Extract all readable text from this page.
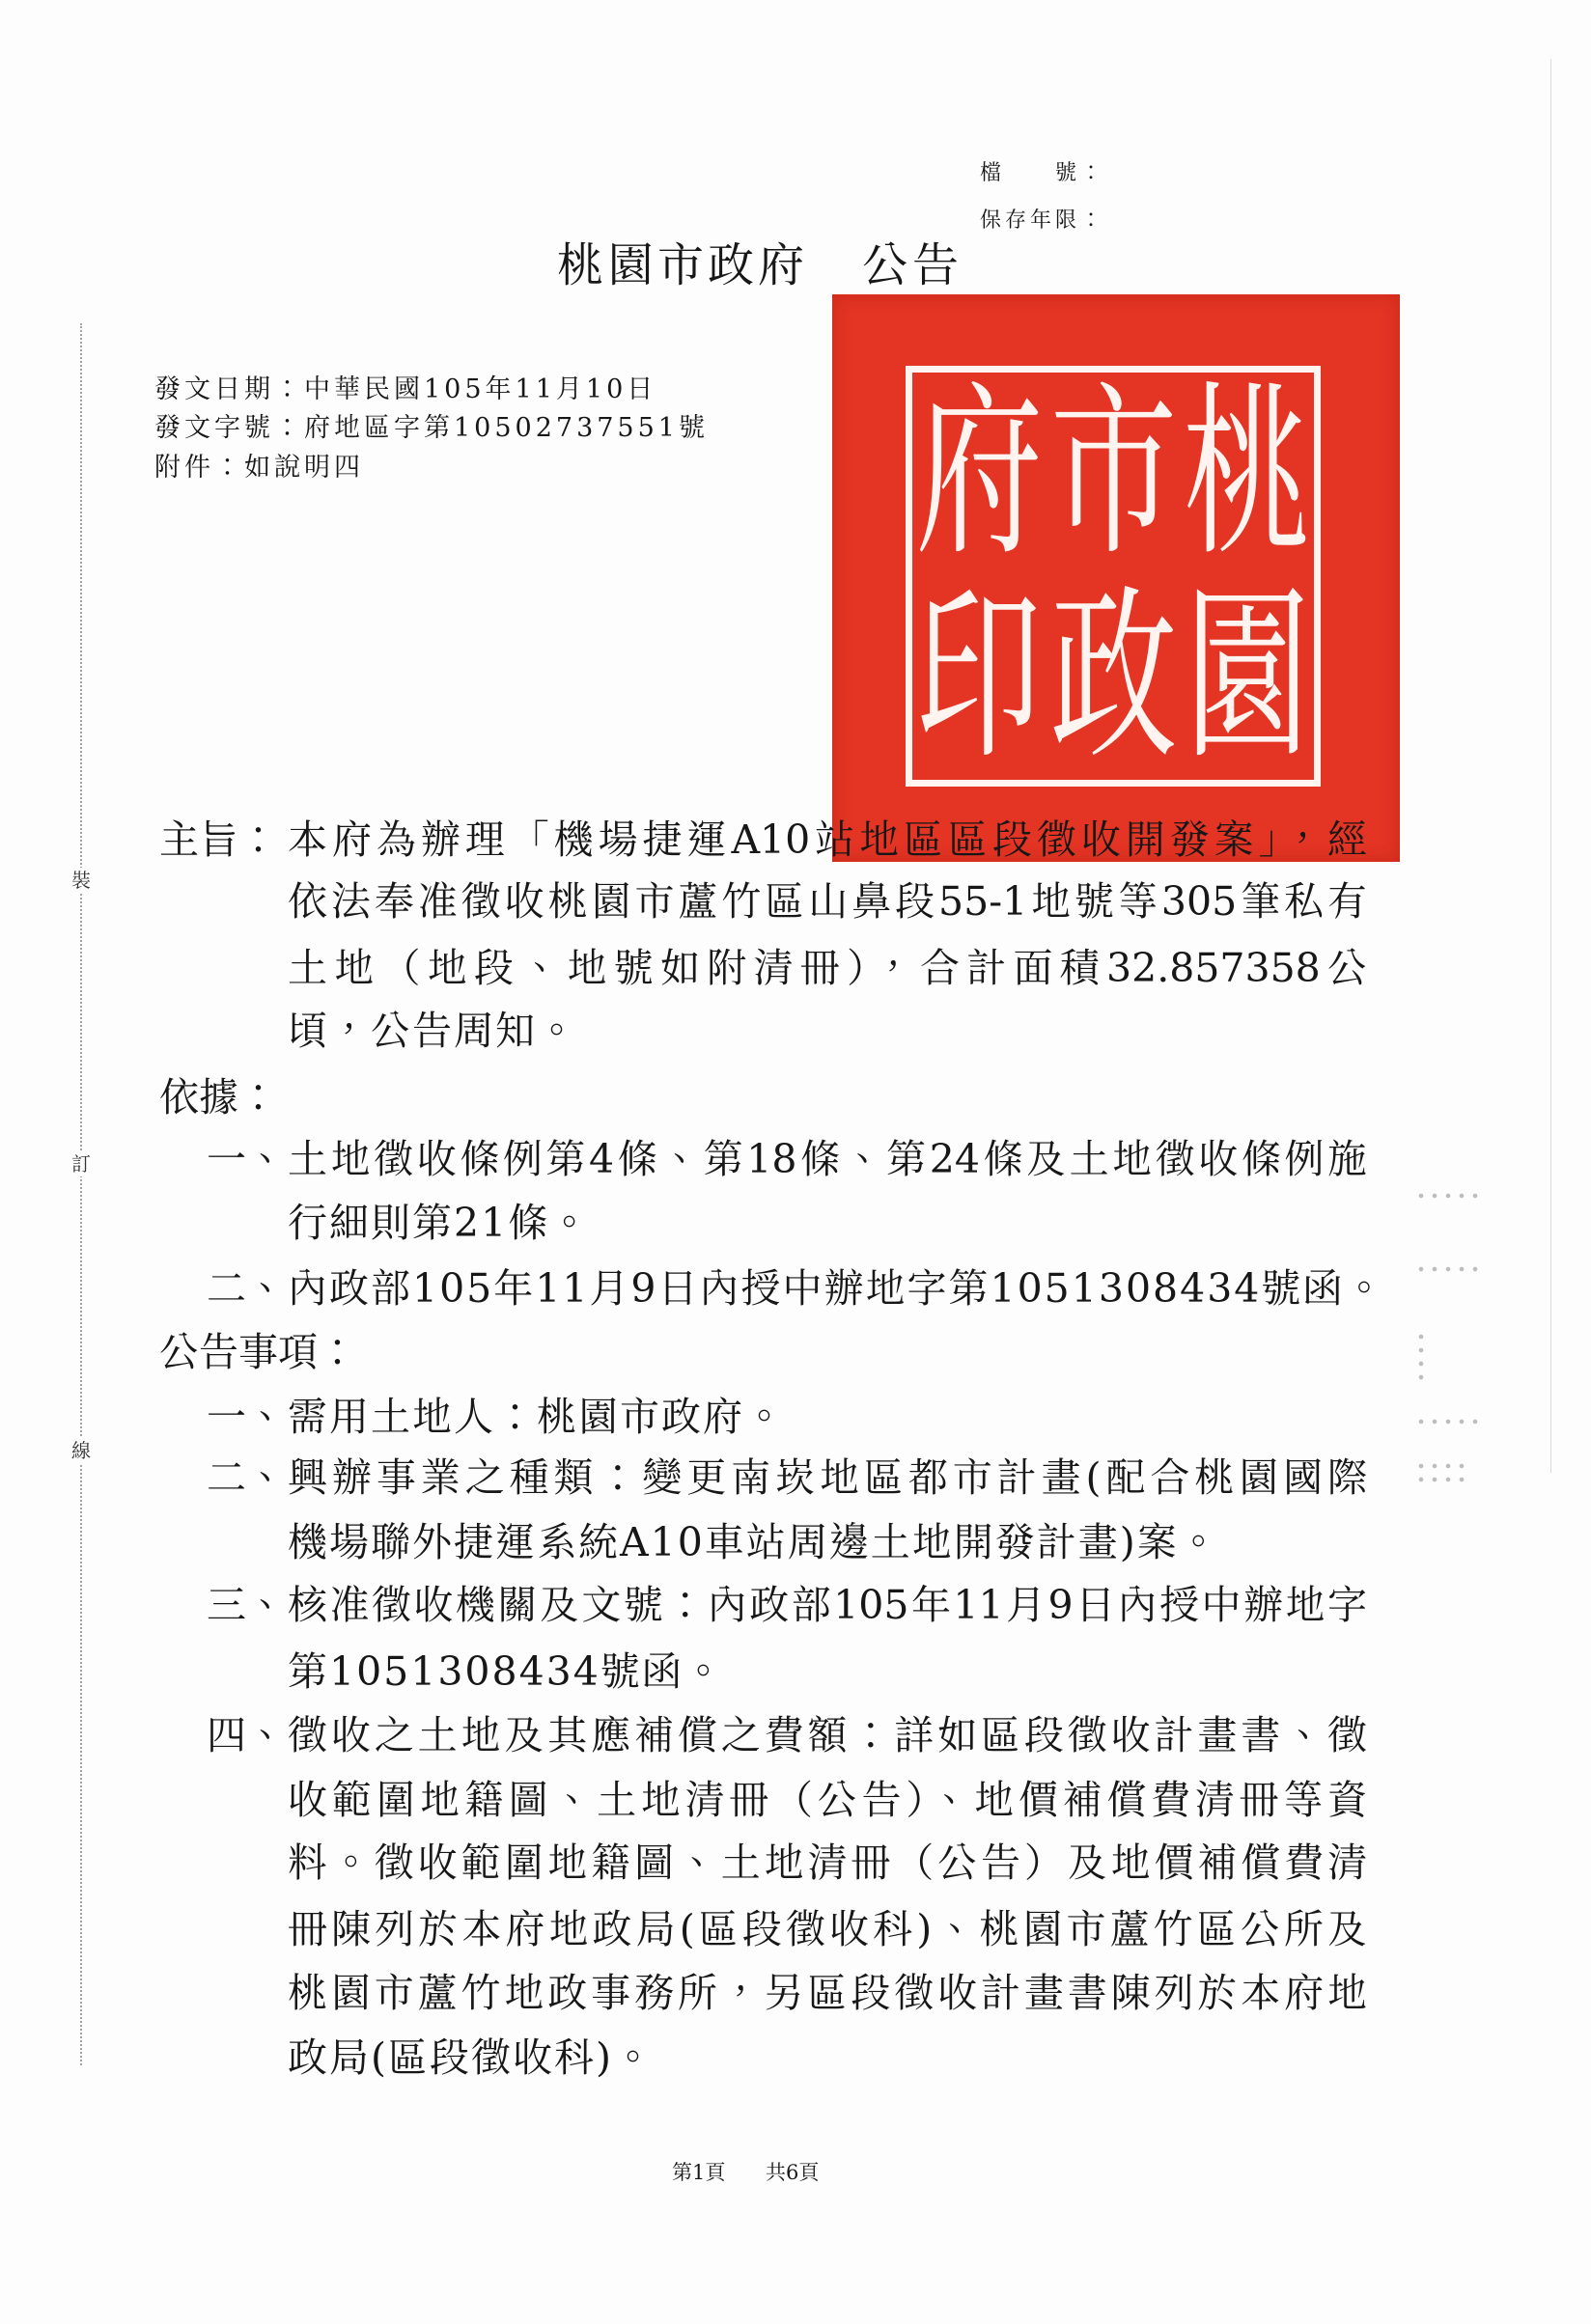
裝
訂
線
檔　　號：
保存年限：
桃園市政府 公告
桃
園
市
政
府
印
發文日期：中華民國105年11月10日
發文字號：府地區字第10502737551號
附件：如說明四
主旨： 本府為辦理「機場捷運A10站地區區段徵收開發案」，經
依法奉准徵收桃園市蘆竹區山鼻段55-1地號等305筆私有
土地（地段、地號如附清冊），合計面積32.857358公
頃，公告周知。
依據：
一、 土地徵收條例第4條、第18條、第24條及土地徵收條例施
行細則第21條。
二、 內政部105年11月9日內授中辦地字第1051308434號函。
公告事項：
一、 需用土地人：桃園市政府。
二、 興辦事業之種類：變更南崁地區都市計畫(配合桃園國際
機場聯外捷運系統A10車站周邊土地開發計畫)案。
三、 核准徵收機關及文號：內政部105年11月9日內授中辦地字
第1051308434號函。
四、 徵收之土地及其應補償之費額：詳如區段徵收計畫書、徵
收範圍地籍圖、土地清冊（公告）、地價補償費清冊等資
料。徵收範圍地籍圖、土地清冊（公告）及地價補償費清
冊陳列於本府地政局(區段徵收科)、桃園市蘆竹區公所及
桃園市蘆竹地政事務所，另區段徵收計畫書陳列於本府地
政局(區段徵收科)。
第1頁 共6頁
